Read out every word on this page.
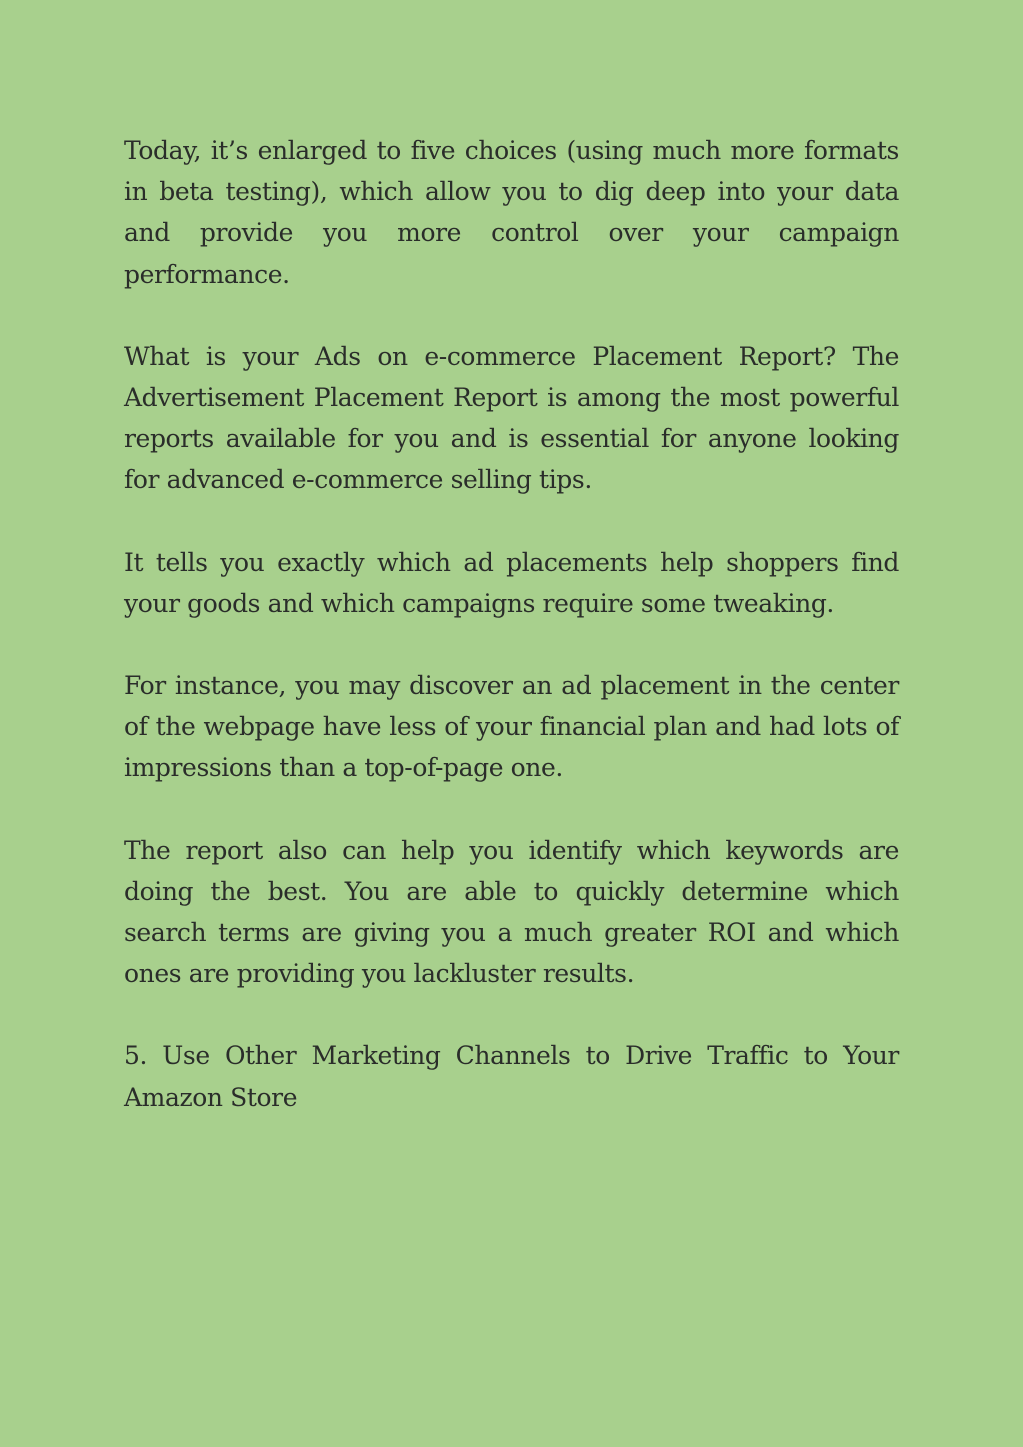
Today, it’s enlarged to five choices (using much more formats in beta testing), which allow you to dig deep into your data and provide you more control over your campaign performance.

What is your Ads on e-commerce Placement Report? The Advertisement Placement Report is among the most powerful reports available for you and is essential for anyone looking for advanced e-commerce selling tips.

It tells you exactly which ad placements help shoppers find your goods and which campaigns require some tweaking.

For instance, you may discover an ad placement in the center of the webpage have less of your financial plan and had lots of impressions than a top-of-page one.

The report also can help you identify which keywords are doing the best. You are able to quickly determine which search terms are giving you a much greater ROI and which ones are providing you lackluster results.

5. Use Other Marketing Channels to Drive Traffic to Your Amazon Store
